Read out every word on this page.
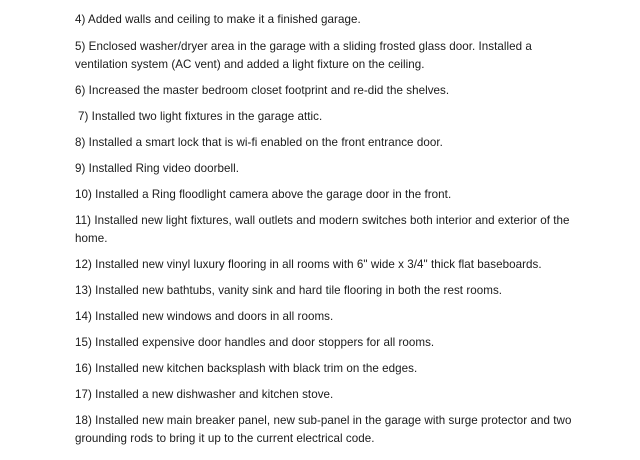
4) Added walls and ceiling to make it a finished garage.

5) Enclosed washer/dryer area in the garage with a sliding frosted glass door. Installed a ventilation system (AC vent) and added a light fixture on the ceiling.

6) Increased the master bedroom closet footprint and re-did the shelves.

7) Installed two light fixtures in the garage attic.

8) Installed a smart lock that is wi-fi enabled on the front entrance door.

9) Installed Ring video doorbell.

10) Installed a Ring floodlight camera above the garage door in the front.

11) Installed new light fixtures, wall outlets and modern switches both interior and exterior of the home.

12) Installed new vinyl luxury flooring in all rooms with 6" wide x 3/4" thick flat baseboards.

13) Installed new bathtubs, vanity sink and hard tile flooring in both the rest rooms.

14) Installed new windows and doors in all rooms.

15) Installed expensive door handles and door stoppers for all rooms.

16) Installed new kitchen backsplash with black trim on the edges.

17) Installed a new dishwasher and kitchen stove.

18) Installed new main breaker panel, new sub-panel in the garage with surge protector and two grounding rods to bring it up to the current electrical code.
